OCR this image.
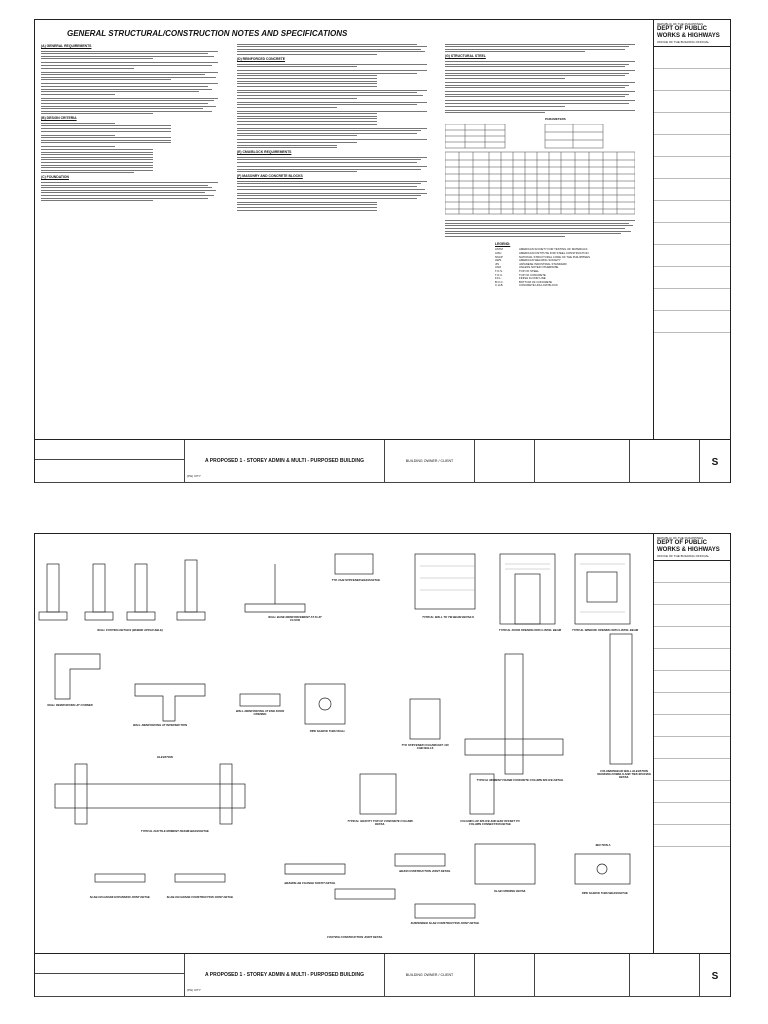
GENERAL STRUCTURAL/CONSTRUCTION NOTES AND SPECIFICATIONS
(A) GENERAL REQUIREMENTS
(B) DESIGN CRITERIA
(C) FOUNDATION
(D) REINFORCED CONCRETE
(E) CMU/BLOCK REQUIREMENTS
(F) MASONRY AND CONCRETE BLOCKS
(G) STRUCTURAL STEEL
PARAMETERS
LEGEND:
ASTM	AMERICAN SOCIETY FOR TESTING OF MATERIALS
AISC	AMERICAN INSTITUTE FOR STEEL CONSTRUCTION
NSCP	NATIONAL STRUCTURAL CODE OF THE PHILIPPINES
AWS	AMERICAN WELDING SOCIETY
JIS	JAPANESE INDUSTRIAL STANDARD
UNO	UNLESS NOTED OTHERWISE
T.O.S.	TOP OF STEEL
T.O.C.	TOP OF CONCRETE
F.F.L.	FINISH FLOOR LINE
B.O.C.	BOTTOM OF CONCRETE
C.H.B.	CONCRETE HOLLOW BLOCK
REPUBLIC OF THE PHILIPPINES
DEPT OF PUBLIC WORKS & HIGHWAYS
OFFICE OF THE BUILDING OFFICIAL
A PROPOSED 1 - STOREY ADMIN & MULTI - PURPOSED BUILDING	BUILDING OWNER / CLIENT	S
(PH) CITY
WALL FOOTING DETAILS (WHERE APPLICABLE)
WALL BASE REINFORCEMENT AT FLAT FLOOR
TYP. CHB STIFFENER BEAM DETAIL
TYPICAL WALL TO TIE BEAM DETAILS
TYPICAL DOOR OPENING WITH LINTEL BEAM	TYPICAL WINDOW OPENING WITH LINTEL BEAM
WALL REINFORCING AT CORNER
WALL REINFORCING AT INTERSECTION
WALL REINFORCING AT END DOOR OPENING
PIPE SLEEVE THRU WALL
TYP. STIFFENER COLUMN DET. ON CHB WALLS
TYPICAL MOMENT FRAME CONCRETE COLUMN SPLICE DETAIL
COLUMN/SHEAR WALL ELEVATION SHOWING DOWELS AND TIES SPACING DETAIL
TYPICAL DUCTILE MOMENT FRAME BEAM DETAIL
TYPICAL GRAVITY TOP OF CONCRETE COLUMN DETAIL
COLUMN LAP SPLICE AND BAR OFFSET TO COLUMN CONNECTION DETAIL
SLAB-ON-GRADE EXPANSION JOINT DETAIL	SLAB-ON-GRADE CONSTRUCTION JOINT DETAIL
BEAM/SLAB CHANGE SOFFIT DETAIL
BEAM CONSTRUCTION JOINT DETAIL
SLAB OPENING DETAIL
SUSPENDED SLAB CONSTRUCTION JOINT DETAIL
FOOTING CONSTRUCTION JOINT DETAIL
PIPE SLEEVE THRU BEAM DETAIL
SECTION A
ELEVATION
REPUBLIC OF THE PHILIPPINES
DEPT OF PUBLIC WORKS & HIGHWAYS
OFFICE OF THE BUILDING OFFICIAL
A PROPOSED 1 - STOREY ADMIN & MULTI - PURPOSED BUILDING	BUILDING OWNER / CLIENT	S
(PH) CITY
